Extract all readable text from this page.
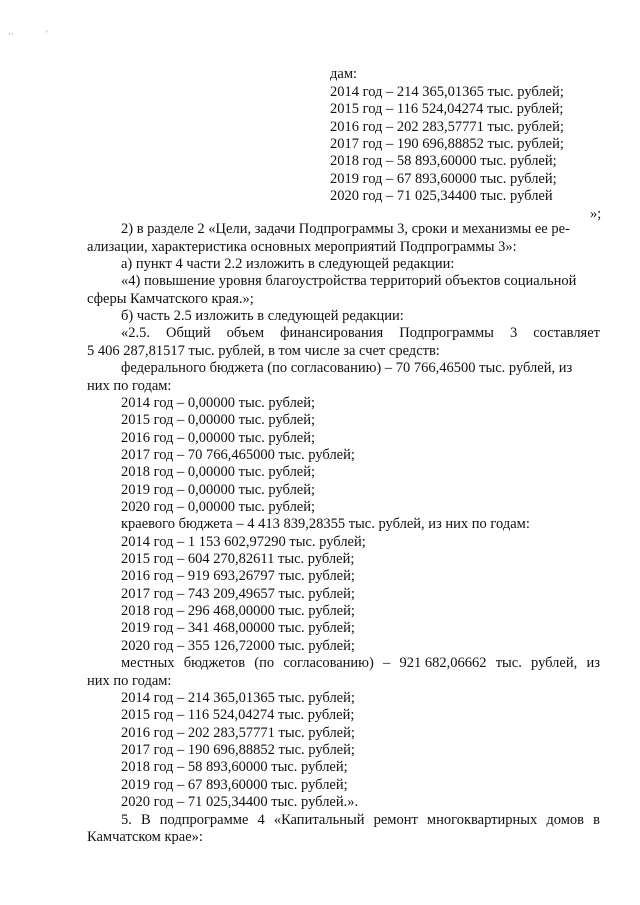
··	'
дам:
2014 год – 214 365,01365 тыс. рублей;
2015 год – 116 524,04274 тыс. рублей;
2016 год – 202 283,57771 тыс. рублей;
2017 год – 190 696,88852 тыс. рублей;
2018 год – 58 893,60000 тыс. рублей;
2019 год – 67 893,60000 тыс. рублей;
2020 год – 71 025,34400 тыс. рублей
»;
2) в разделе 2 «Цели, задачи Подпрограммы 3, сроки и механизмы ее ре-
ализации, характеристика основных мероприятий Подпрограммы 3»:
а) пункт 4 части 2.2 изложить в следующей редакции:
«4) повышение уровня благоустройства территорий объектов социальной
сферы Камчатского края.»;
б) часть 2.5 изложить в следующей редакции:
«2.5. Общий объем финансирования Подпрограммы 3 составляет
5 406 287,81517 тыс. рублей, в том числе за счет средств:
федерального бюджета (по согласованию) – 70 766,46500 тыс. рублей, из
них по годам:
2014 год – 0,00000 тыс. рублей;
2015 год – 0,00000 тыс. рублей;
2016 год – 0,00000 тыс. рублей;
2017 год – 70 766,465000 тыс. рублей;
2018 год – 0,00000 тыс. рублей;
2019 год – 0,00000 тыс. рублей;
2020 год – 0,00000 тыс. рублей;
краевого бюджета – 4 413 839,28355 тыс. рублей, из них по годам:
2014 год – 1 153 602,97290 тыс. рублей;
2015 год – 604 270,82611 тыс. рублей;
2016 год – 919 693,26797 тыс. рублей;
2017 год – 743 209,49657 тыс. рублей;
2018 год – 296 468,00000 тыс. рублей;
2019 год – 341 468,00000 тыс. рублей;
2020 год – 355 126,72000 тыс. рублей;
местных бюджетов (по согласованию) – 921 682,06662 тыс. рублей, из
них по годам:
2014 год – 214 365,01365 тыс. рублей;
2015 год – 116 524,04274 тыс. рублей;
2016 год – 202 283,57771 тыс. рублей;
2017 год – 190 696,88852 тыс. рублей;
2018 год – 58 893,60000 тыс. рублей;
2019 год – 67 893,60000 тыс. рублей;
2020 год – 71 025,34400 тыс. рублей.».
5. В подпрограмме 4 «Капитальный ремонт многоквартирных домов в
Камчатском крае»:
